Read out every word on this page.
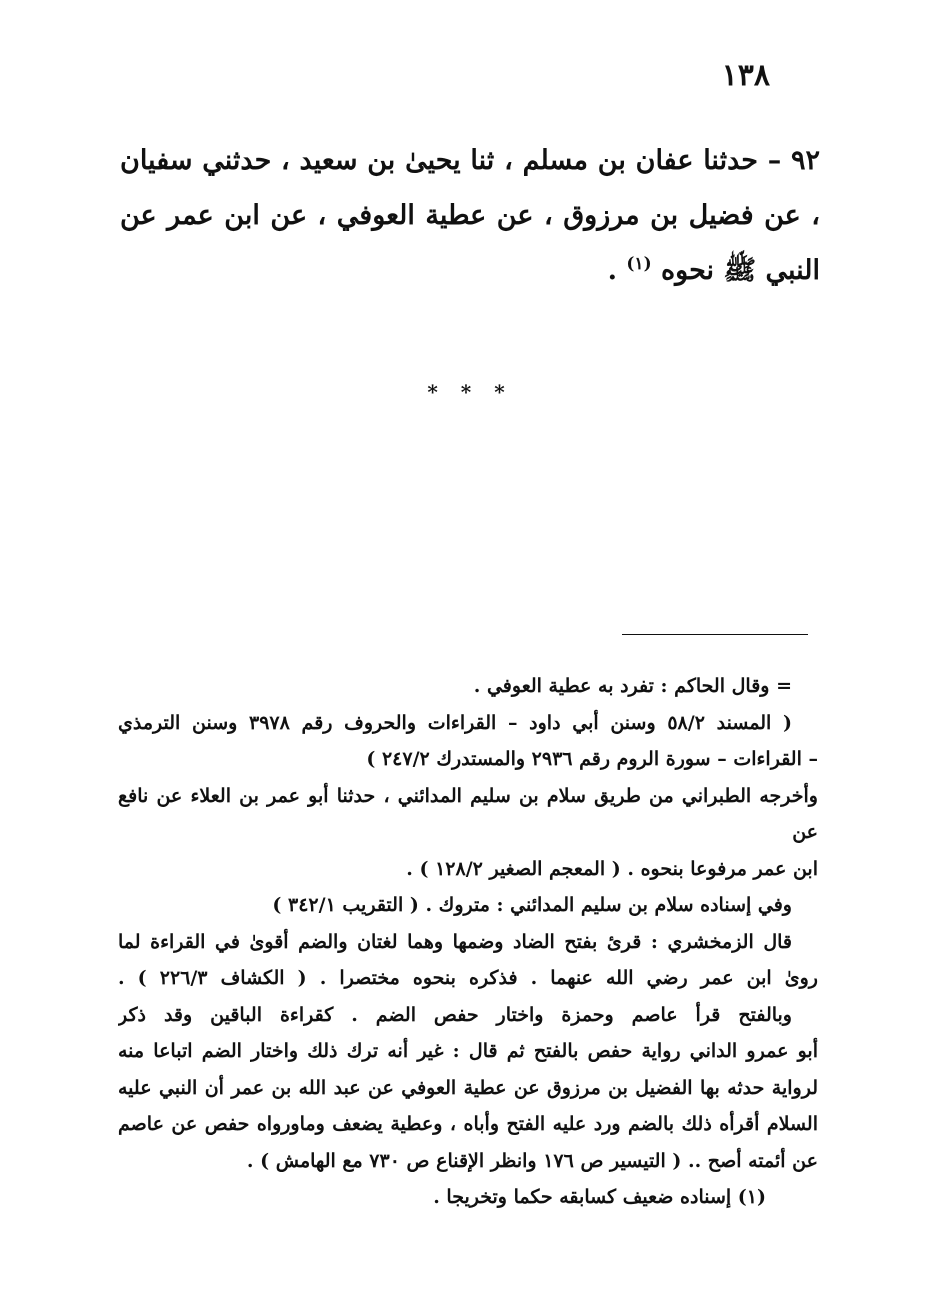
١٣٨
٩٢ – حدثنا عفان بن مسلم ، ثنا يحيىٰ بن سعيد ، حدثني سفيان ، عن فضيل بن مرزوق ، عن عطية العوفي ، عن ابن عمر عن النبي ﷺ نحوه $^{(١)}$ .
* * *
= وقال الحاكم : تفرد به عطية العوفي .
( المسند ٥٨/٢ وسنن أبي داود – القراءات والحروف رقم ٣٩٧٨ وسنن الترمذي
– القراءات – سورة الروم رقم ٢٩٣٦ والمستدرك ٢٤٧/٢ )
وأخرجه الطبراني من طريق سلام بن سليم المدائني ، حدثنا أبو عمر بن العلاء عن نافع عن
ابن عمر مرفوعا بنحوه . ( المعجم الصغير ١٢٨/٢ ) .
وفي إسناده سلام بن سليم المدائني : متروك . ( التقريب ٣٤٢/١ )
قال الزمخشري : قرئ بفتح الضاد وضمها وهما لغتان والضم أقوىٰ في القراءة لما
رویٰ ابن عمر رضي الله عنهما . فذكره بنحوه مختصرا . ( الكشاف ٢٢٦/٣ ) .
وبالفتح قرأ عاصم وحمزة واختار حفص الضم . كقراءة الباقين وقد ذكر
أبو عمرو الداني رواية حفص بالفتح ثم قال : غير أنه ترك ذلك واختار الضم اتباعا منه
لرواية حدثه بها الفضيل بن مرزوق عن عطية العوفي عن عبد الله بن عمر أن النبي عليه
السلام أقرأه ذلك بالضم ورد عليه الفتح وأباه ، وعطية يضعف وماورواه حفص عن عاصم
عن أئمته أصح .. ( التيسير ص ١٧٦ وانظر الإقناع ص ٧٣٠ مع الهامش ) .
(١) إسناده ضعيف كسابقه حكما وتخريجا .
